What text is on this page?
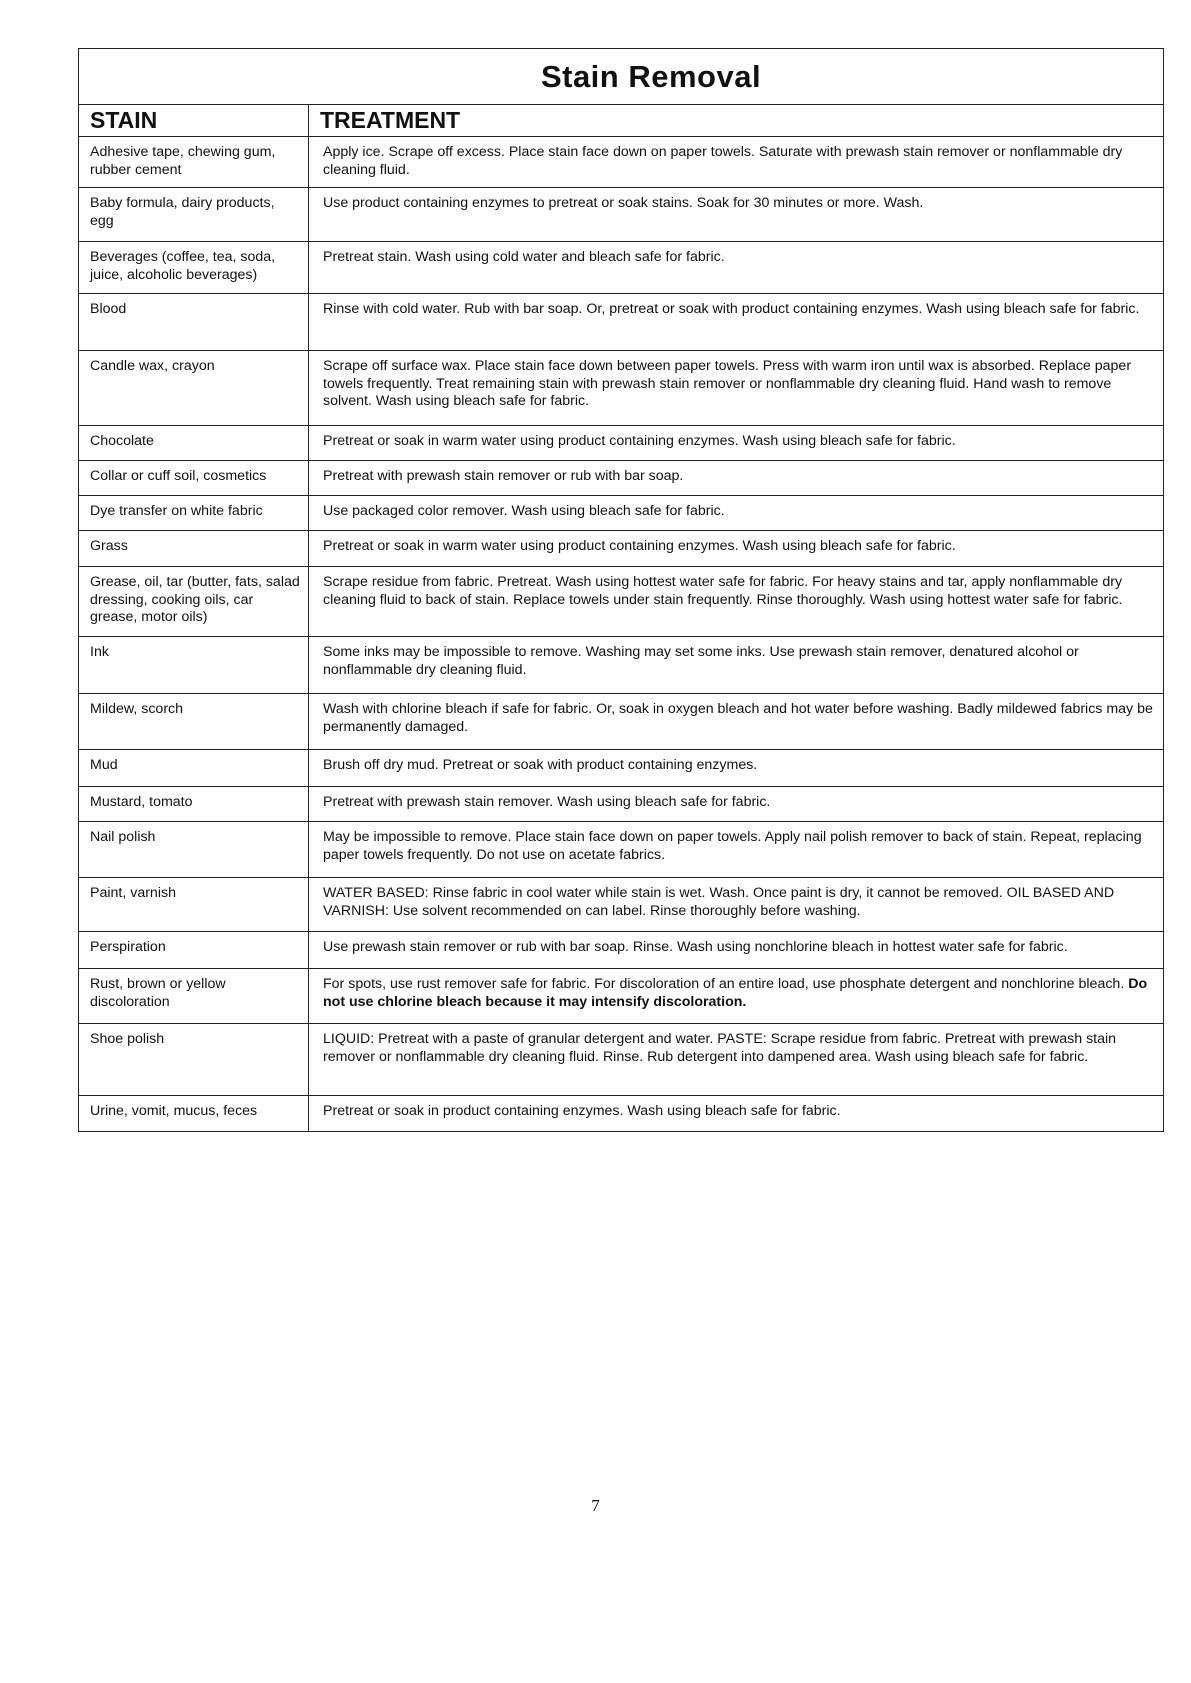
Stain Removal
STAIN	TREATMENT
Adhesive tape, chewing gum, rubber cement	Apply ice. Scrape off excess. Place stain face down on paper towels. Saturate with prewash stain remover or nonflammable dry cleaning fluid.
Baby formula, dairy products, egg	Use product containing enzymes to pretreat or soak stains. Soak for 30 minutes or more. Wash.
Beverages (coffee, tea, soda, juice, alcoholic beverages)	Pretreat stain. Wash using cold water and bleach safe for fabric.
Blood	Rinse with cold water. Rub with bar soap. Or, pretreat or soak with product containing enzymes. Wash using bleach safe for fabric.
Candle wax, crayon	Scrape off surface wax. Place stain face down between paper towels. Press with warm iron until wax is absorbed. Replace paper towels frequently. Treat remaining stain with prewash stain remover or nonflammable dry cleaning fluid. Hand wash to remove solvent. Wash using bleach safe for fabric.
Chocolate	Pretreat or soak in warm water using product containing enzymes. Wash using bleach safe for fabric.
Collar or cuff soil, cosmetics	Pretreat with prewash stain remover or rub with bar soap.
Dye transfer on white fabric	Use packaged color remover. Wash using bleach safe for fabric.
Grass	Pretreat or soak in warm water using product containing enzymes. Wash using bleach safe for fabric.
Grease, oil, tar (butter, fats, salad dressing, cooking oils, car grease, motor oils)	Scrape residue from fabric. Pretreat. Wash using hottest water safe for fabric. For heavy stains and tar, apply nonflammable dry cleaning fluid to back of stain. Replace towels under stain frequently. Rinse thoroughly. Wash using hottest water safe for fabric.
Ink	Some inks may be impossible to remove. Washing may set some inks. Use prewash stain remover, denatured alcohol or nonflammable dry cleaning fluid.
Mildew, scorch	Wash with chlorine bleach if safe for fabric. Or, soak in oxygen bleach and hot water before washing. Badly mildewed fabrics may be permanently damaged.
Mud	Brush off dry mud. Pretreat or soak with product containing enzymes.
Mustard, tomato	Pretreat with prewash stain remover. Wash using bleach safe for fabric.
Nail polish	May be impossible to remove. Place stain face down on paper towels. Apply nail polish remover to back of stain. Repeat, replacing paper towels frequently. Do not use on acetate fabrics.
Paint, varnish	WATER BASED: Rinse fabric in cool water while stain is wet. Wash. Once paint is dry, it cannot be removed. OIL BASED AND VARNISH: Use solvent recommended on can label. Rinse thoroughly before washing.
Perspiration	Use prewash stain remover or rub with bar soap. Rinse. Wash using nonchlorine bleach in hottest water safe for fabric.
Rust, brown or yellow discoloration	For spots, use rust remover safe for fabric. For discoloration of an entire load, use phosphate detergent and nonchlorine bleach. Do not use chlorine bleach because it may intensify discoloration.
Shoe polish	LIQUID: Pretreat with a paste of granular detergent and water. PASTE: Scrape residue from fabric. Pretreat with prewash stain remover or nonflammable dry cleaning fluid. Rinse. Rub detergent into dampened area. Wash using bleach safe for fabric.
Urine, vomit, mucus, feces	Pretreat or soak in product containing enzymes. Wash using bleach safe for fabric.
7
